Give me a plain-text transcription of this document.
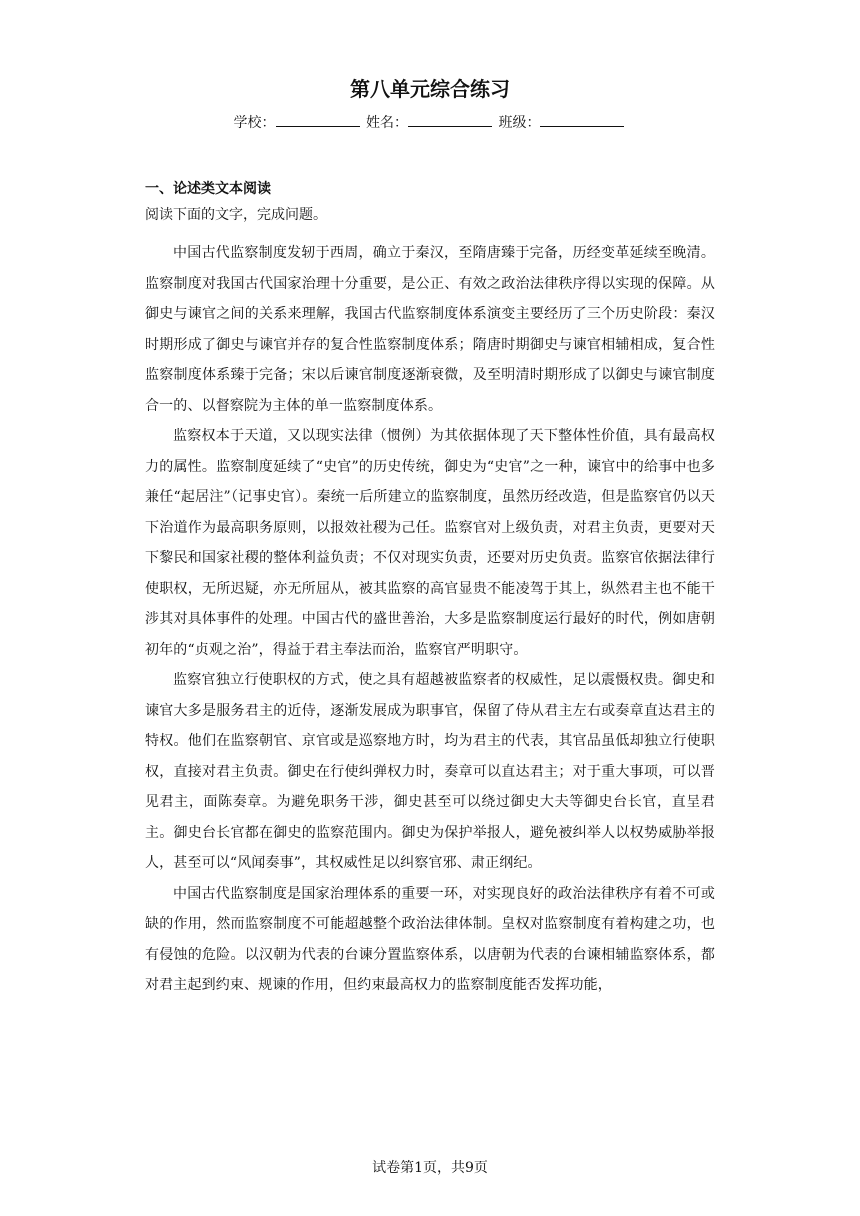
第八单元综合练习
学校：	姓名：	班级：
一、论述类文本阅读
阅读下面的文字，完成问题。

中国古代监察制度发轫于西周，确立于秦汉，至隋唐臻于完备，历经变革延续至晚清。监察制度对我国古代国家治理十分重要，是公正、有效之政治法律秩序得以实现的保障。从御史与谏官之间的关系来理解，我国古代监察制度体系演变主要经历了三个历史阶段：秦汉时期形成了御史与谏官并存的复合性监察制度体系；隋唐时期御史与谏官相辅相成，复合性监察制度体系臻于完备；宋以后谏官制度逐渐衰微，及至明清时期形成了以御史与谏官制度合一的、以督察院为主体的单一监察制度体系。

监察权本于天道，又以现实法律（惯例）为其依据体现了天下整体性价值，具有最高权力的属性。监察制度延续了“史官”的历史传统，御史为“史官”之一种，谏官中的给事中也多兼任“起居注”（记事史官）。秦统一后所建立的监察制度，虽然历经改造，但是监察官仍以天下治道作为最高职务原则，以报效社稷为己任。监察官对上级负责，对君主负责，更要对天下黎民和国家社稷的整体利益负责；不仅对现实负责，还要对历史负责。监察官依据法律行使职权，无所迟疑，亦无所屈从，被其监察的高官显贵不能凌驾于其上，纵然君主也不能干涉其对具体事件的处理。中国古代的盛世善治，大多是监察制度运行最好的时代，例如唐朝初年的“贞观之治”，得益于君主奉法而治，监察官严明职守。

监察官独立行使职权的方式，使之具有超越被监察者的权威性，足以震慑权贵。御史和谏官大多是服务君主的近侍，逐渐发展成为职事官，保留了侍从君主左右或奏章直达君主的特权。他们在监察朝官、京官或是巡察地方时，均为君主的代表，其官品虽低却独立行使职权，直接对君主负责。御史在行使纠弹权力时，奏章可以直达君主；对于重大事项，可以晋见君主，面陈奏章。为避免职务干涉，御史甚至可以绕过御史大夫等御史台长官，直呈君主。御史台长官都在御史的监察范围内。御史为保护举报人，避免被纠举人以权势威胁举报人，甚至可以“风闻奏事”，其权威性足以纠察官邪、肃正纲纪。

中国古代监察制度是国家治理体系的重要一环，对实现良好的政治法律秩序有着不可或缺的作用，然而监察制度不可能超越整个政治法律体制。皇权对监察制度有着构建之功，也有侵蚀的危险。以汉朝为代表的台谏分置监察体系，以唐朝为代表的台谏相辅监察体系，都对君主起到约束、规谏的作用，但约束最高权力的监察制度能否发挥功能，

试卷第1页，共9页
